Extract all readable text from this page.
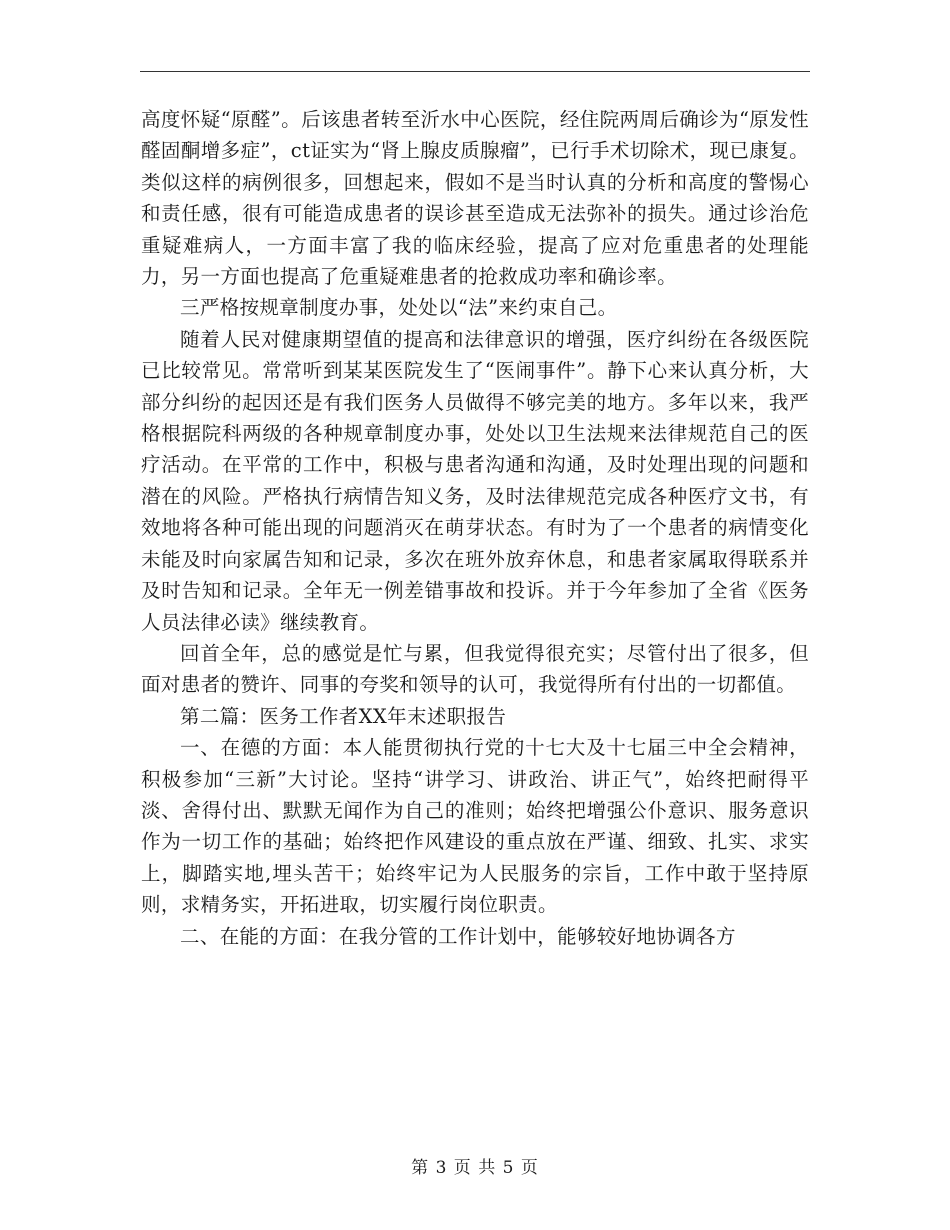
高度怀疑“原醛”。后该患者转至沂水中心医院，经住院两周后确诊为“原发性醛固酮增多症”，ct证实为“肾上腺皮质腺瘤”，已行手术切除术，现已康复。类似这样的病例很多，回想起来，假如不是当时认真的分析和高度的警惕心和责任感，很有可能造成患者的误诊甚至造成无法弥补的损失。通过诊治危重疑难病人，一方面丰富了我的临床经验，提高了应对危重患者的处理能力，另一方面也提高了危重疑难患者的抢救成功率和确诊率。

三严格按规章制度办事，处处以“法”来约束自己。

随着人民对健康期望值的提高和法律意识的增强，医疗纠纷在各级医院已比较常见。常常听到某某医院发生了“医闹事件”。静下心来认真分析，大部分纠纷的起因还是有我们医务人员做得不够完美的地方。多年以来，我严格根据院科两级的各种规章制度办事，处处以卫生法规来法律规范自己的医疗活动。在平常的工作中，积极与患者沟通和沟通，及时处理出现的问题和潜在的风险。严格执行病情告知义务，及时法律规范完成各种医疗文书，有效地将各种可能出现的问题消灭在萌芽状态。有时为了一个患者的病情变化未能及时向家属告知和记录，多次在班外放弃休息，和患者家属取得联系并及时告知和记录。全年无一例差错事故和投诉。并于今年参加了全省《医务人员法律必读》继续教育。

回首全年，总的感觉是忙与累，但我觉得很充实；尽管付出了很多，但面对患者的赞许、同事的夸奖和领导的认可，我觉得所有付出的一切都值。

第二篇：医务工作者XX年末述职报告

一、在德的方面：本人能贯彻执行党的十七大及十七届三中全会精神，积极参加“三新”大讨论。坚持“讲学习、讲政治、讲正气”，始终把耐得平淡、舍得付出、默默无闻作为自己的准则；始终把增强公仆意识、服务意识作为一切工作的基础；始终把作风建设的重点放在严谨、细致、扎实、求实上，脚踏实地,埋头苦干；始终牢记为人民服务的宗旨，工作中敢于坚持原则，求精务实，开拓进取，切实履行岗位职责。

二、在能的方面：在我分管的工作计划中，能够较好地协调各方

第 3 页 共 5 页
